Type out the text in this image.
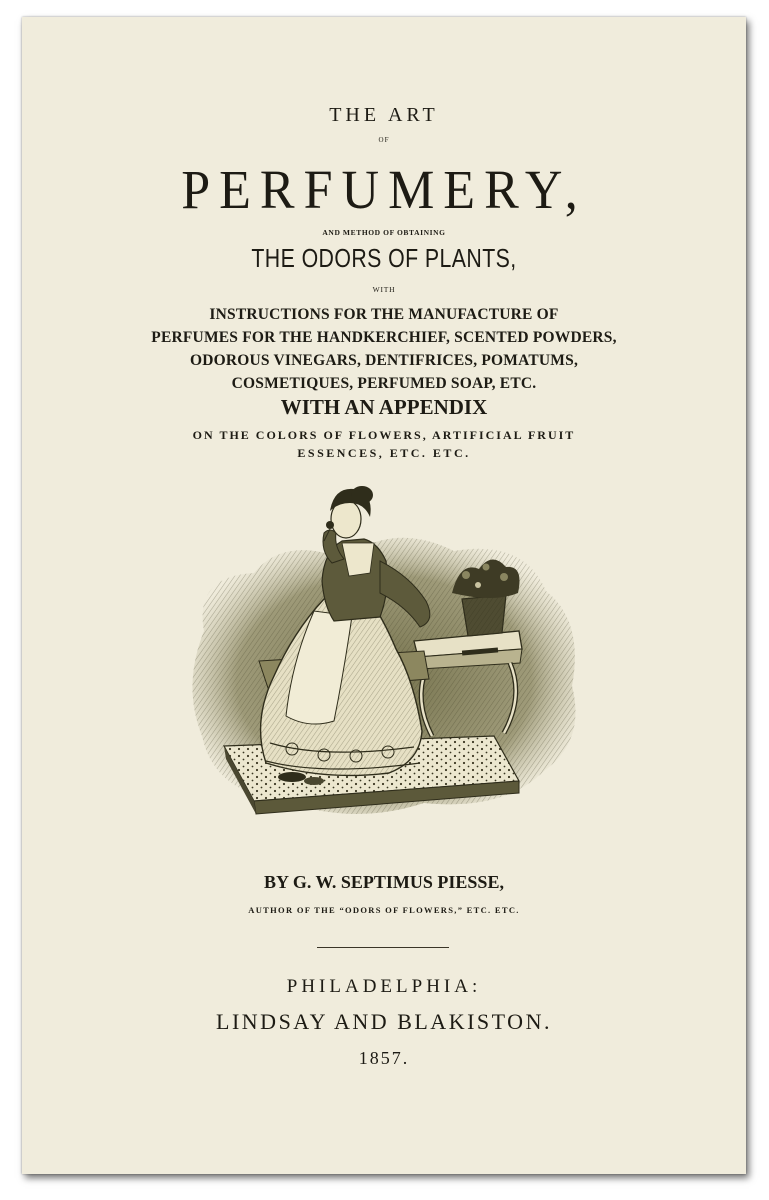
THE ART
OF
PERFUMERY,
AND METHOD OF OBTAINING
THE ODORS OF PLANTS,
WITH
INSTRUCTIONS FOR THE MANUFACTURE OF
PERFUMES FOR THE HANDKERCHIEF, SCENTED POWDERS,
ODOROUS VINEGARS, DENTIFRICES, POMATUMS,
COSMETIQUES, PERFUMED SOAP, ETC.
WITH AN APPENDIX
ON THE COLORS OF FLOWERS, ARTIFICIAL FRUIT
ESSENCES, ETC. ETC.
BY G. W. SEPTIMUS PIESSE,
AUTHOR OF THE “ODORS OF FLOWERS,” ETC. ETC.
PHILADELPHIA:
LINDSAY AND BLAKISTON.
1857.
